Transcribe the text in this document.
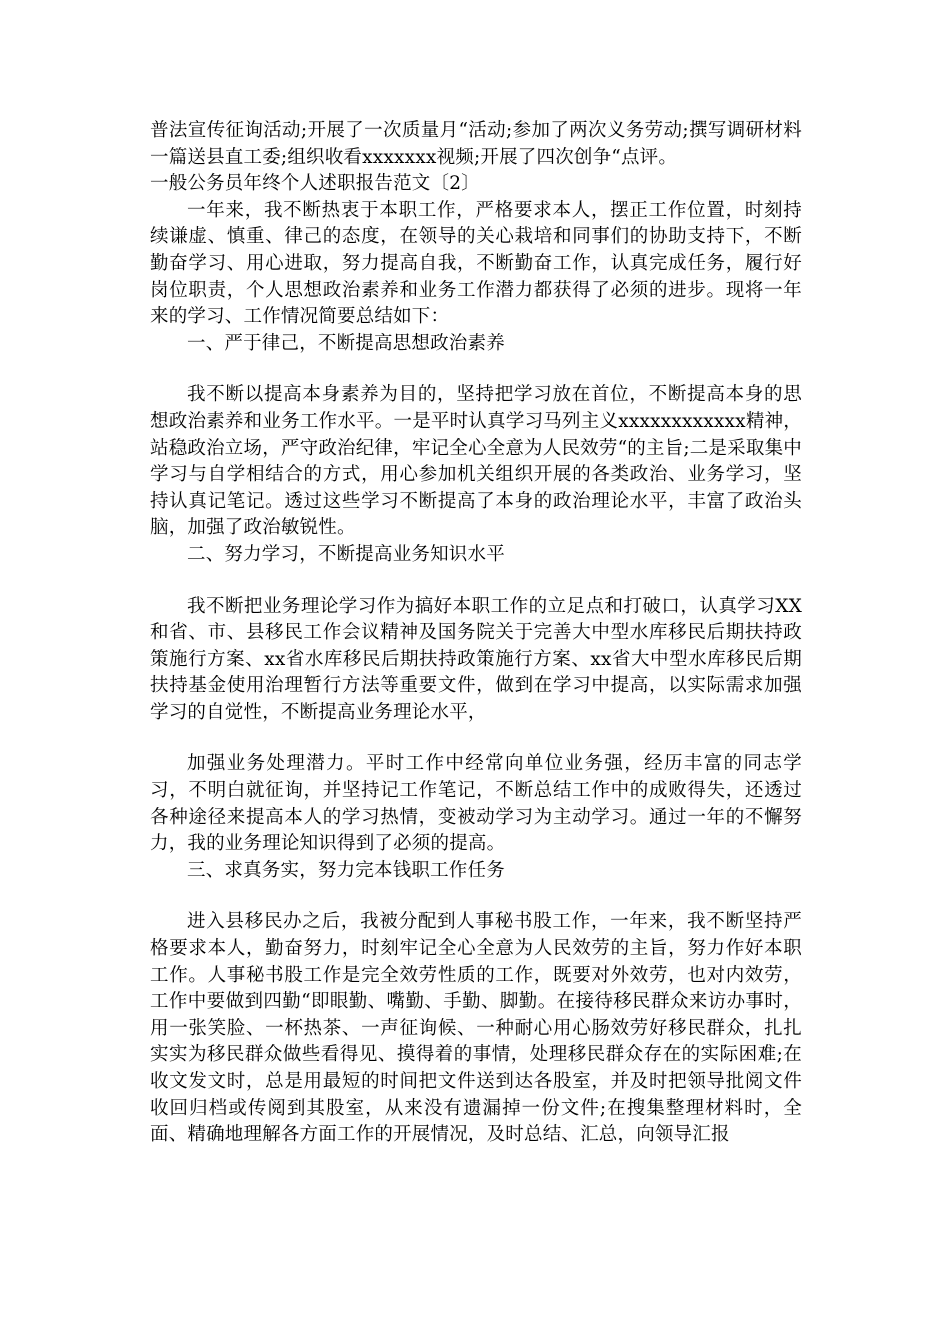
普法宣传征询活动;开展了一次质量月“活动;参加了两次义务劳动;撰写调研材料一篇送县直工委;组织收看xxxxxxx视频;开展了四次创争“点评。

一般公务员年终个人述职报告范文〔2〕

一年来，我不断热衷于本职工作，严格要求本人，摆正工作位置，时刻持续谦虚、慎重、律己的态度，在领导的关心栽培和同事们的协助支持下，不断勤奋学习、用心进取，努力提高自我，不断勤奋工作，认真完成任务，履行好岗位职责，个人思想政治素养和业务工作潜力都获得了必须的进步。现将一年来的学习、工作情况简要总结如下：

一、严于律己，不断提高思想政治素养

我不断以提高本身素养为目的，坚持把学习放在首位，不断提高本身的思想政治素养和业务工作水平。一是平时认真学习马列主义xxxxxxxxxxxx精神，站稳政治立场，严守政治纪律，牢记全心全意为人民效劳“的主旨;二是采取集中学习与自学相结合的方式，用心参加机关组织开展的各类政治、业务学习，坚持认真记笔记。透过这些学习不断提高了本身的政治理论水平，丰富了政治头脑，加强了政治敏锐性。

二、努力学习，不断提高业务知识水平

我不断把业务理论学习作为搞好本职工作的立足点和打破口，认真学习XX和省、市、县移民工作会议精神及国务院关于完善大中型水库移民后期扶持政策施行方案、xx省水库移民后期扶持政策施行方案、xx省大中型水库移民后期扶持基金使用治理暂行方法等重要文件，做到在学习中提高，以实际需求加强学习的自觉性，不断提高业务理论水平，

加强业务处理潜力。平时工作中经常向单位业务强，经历丰富的同志学习，不明白就征询，并坚持记工作笔记，不断总结工作中的成败得失，还透过各种途径来提高本人的学习热情，变被动学习为主动学习。通过一年的不懈努力，我的业务理论知识得到了必须的提高。

三、求真务实，努力完本钱职工作任务

进入县移民办之后，我被分配到人事秘书股工作，一年来，我不断坚持严格要求本人，勤奋努力，时刻牢记全心全意为人民效劳的主旨，努力作好本职工作。人事秘书股工作是完全效劳性质的工作，既要对外效劳，也对内效劳，工作中要做到四勤“即眼勤、嘴勤、手勤、脚勤。在接待移民群众来访办事时，用一张笑脸、一杯热茶、一声征询候、一种耐心用心肠效劳好移民群众，扎扎实实为移民群众做些看得见、摸得着的事情，处理移民群众存在的实际困难;在收文发文时，总是用最短的时间把文件送到达各股室，并及时把领导批阅文件收回归档或传阅到其股室，从来没有遗漏掉一份文件;在搜集整理材料时，全面、精确地理解各方面工作的开展情况，及时总结、汇总，向领导汇报
